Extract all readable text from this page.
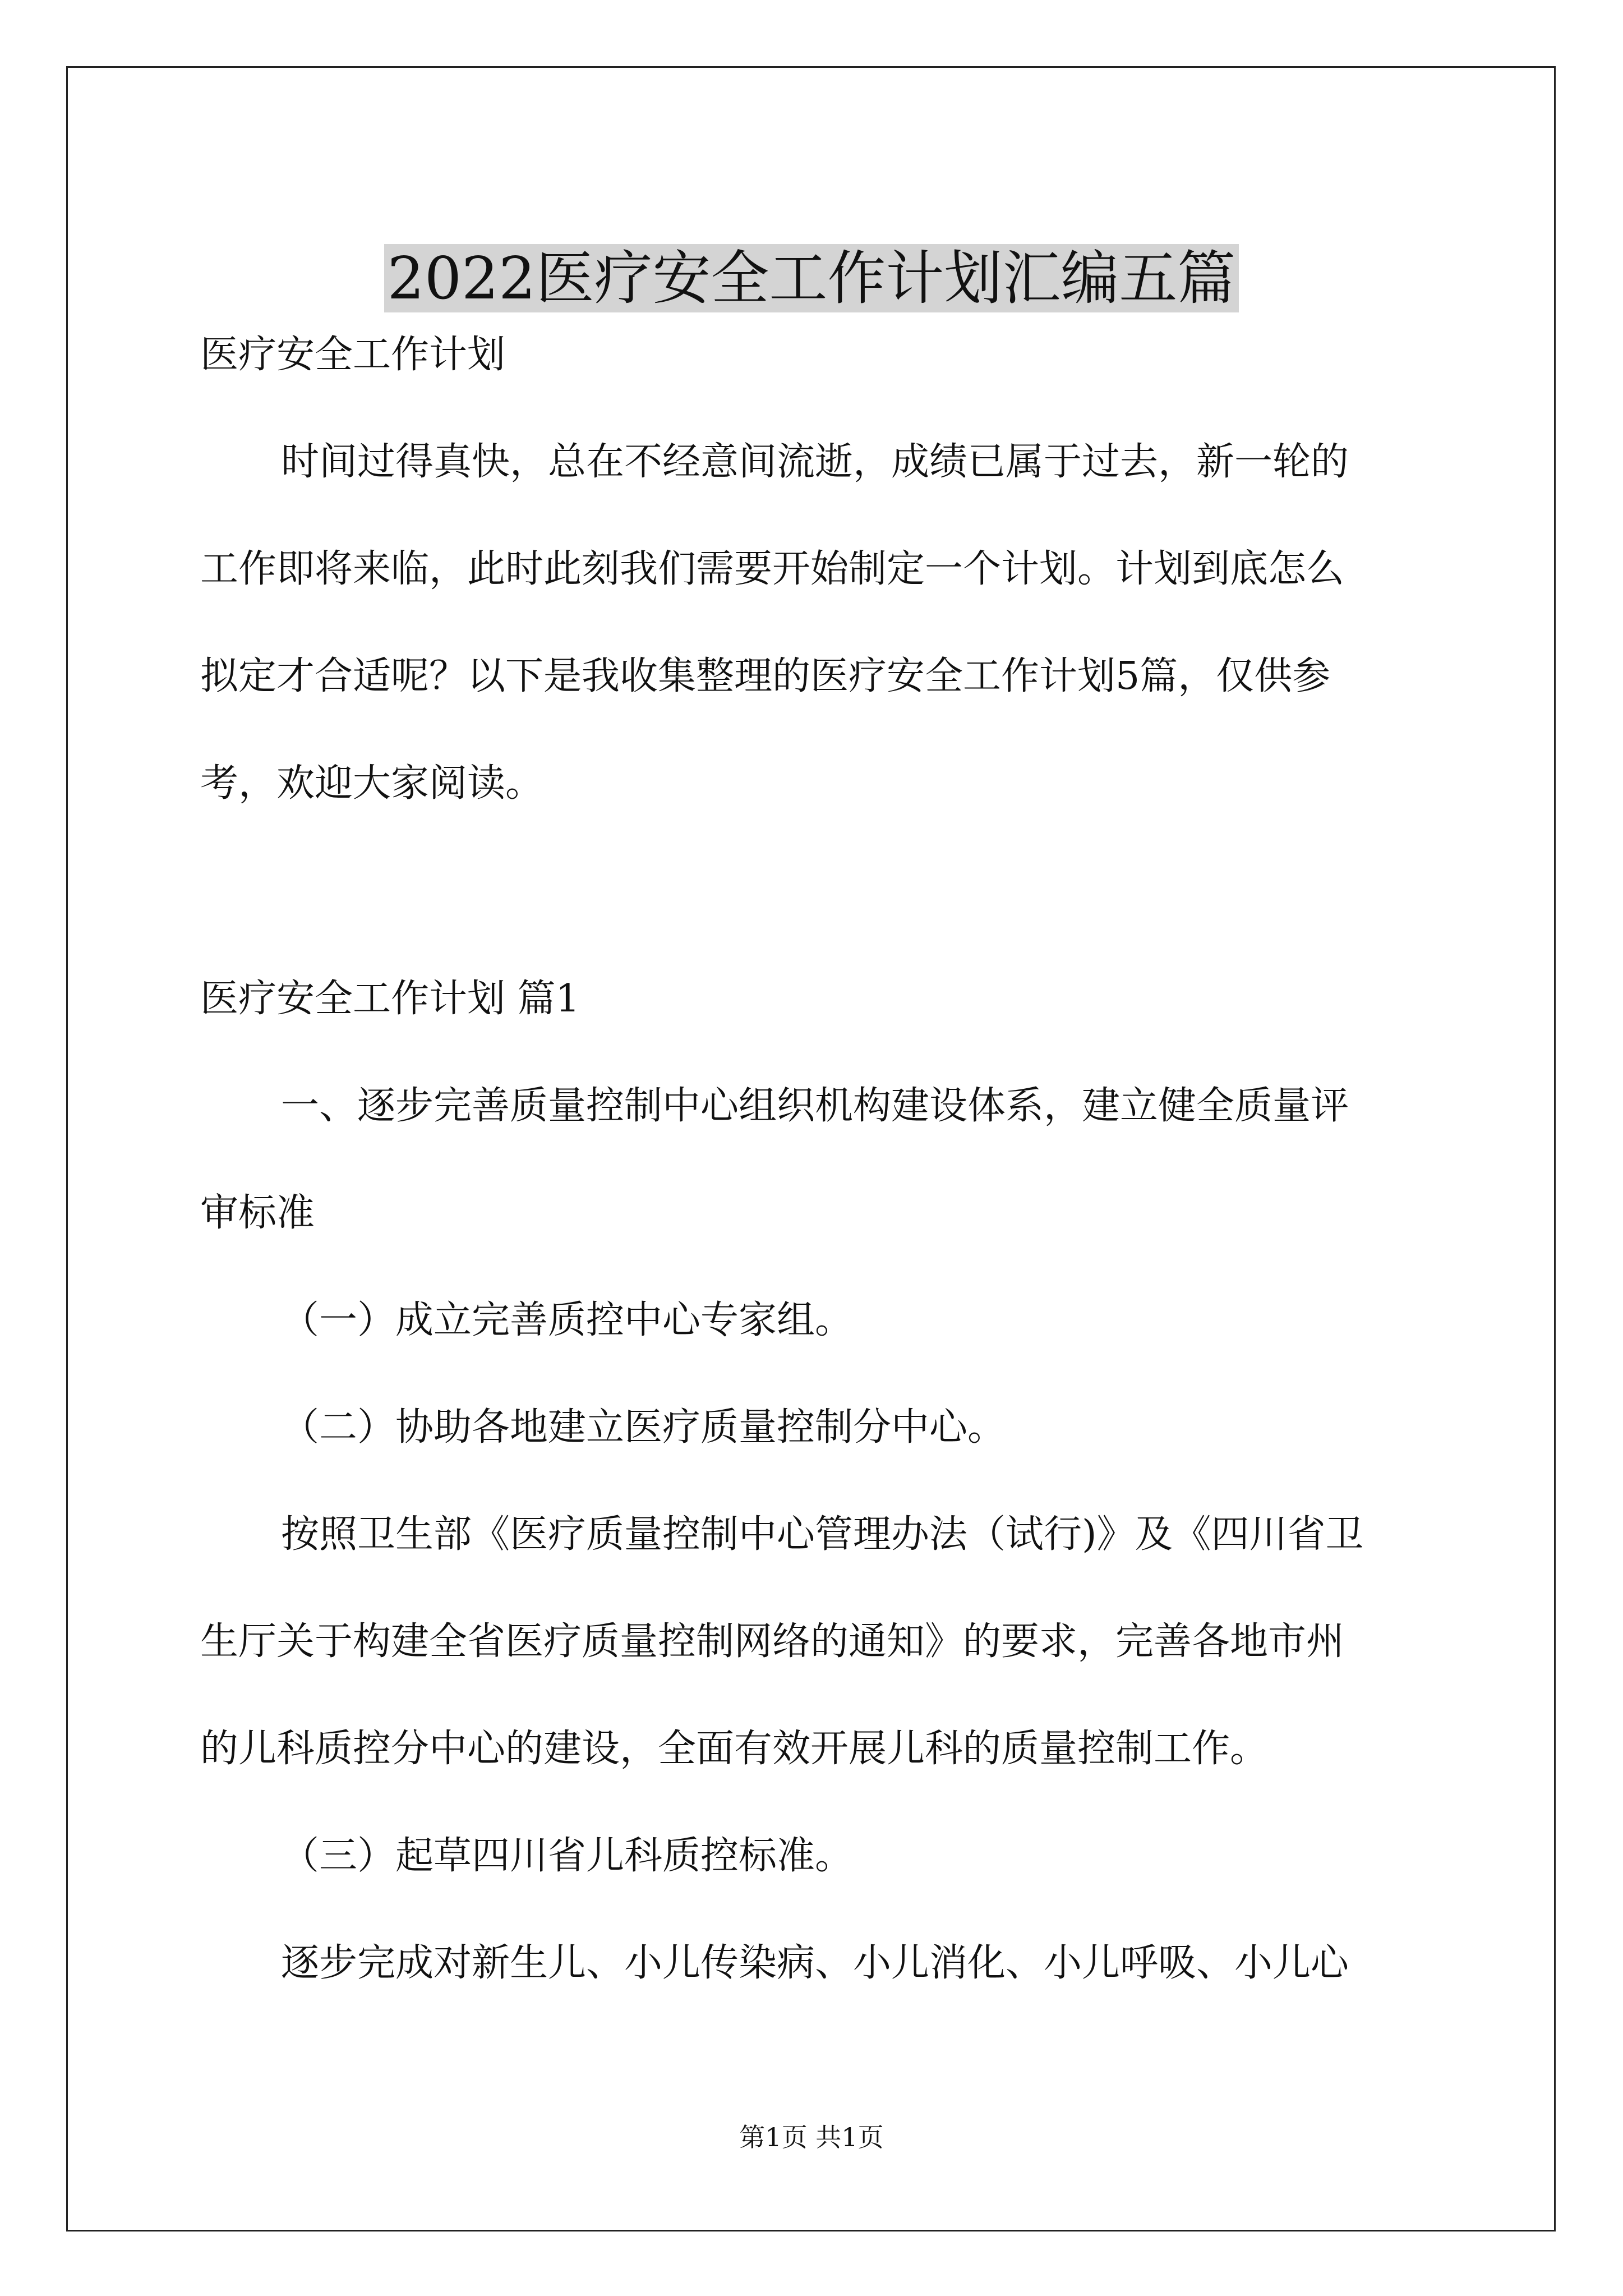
2022医疗安全工作计划汇编五篇
医疗安全工作计划
时间过得真快，总在不经意间流逝，成绩已属于过去，新一轮的
工作即将来临，此时此刻我们需要开始制定一个计划。计划到底怎么
拟定才合适呢？以下是我收集整理的医疗安全工作计划5篇，仅供参
考，欢迎大家阅读。
医疗安全工作计划 篇1
一、逐步完善质量控制中心组织机构建设体系，建立健全质量评
审标准
（一）成立完善质控中心专家组。
（二）协助各地建立医疗质量控制分中心。
按照卫生部《医疗质量控制中心管理办法（试行)》及《四川省卫
生厅关于构建全省医疗质量控制网络的通知》的要求，完善各地市州
的儿科质控分中心的建设，全面有效开展儿科的质量控制工作。
（三）起草四川省儿科质控标准。
逐步完成对新生儿、小儿传染病、小儿消化、小儿呼吸、小儿心
第1页 共1页
